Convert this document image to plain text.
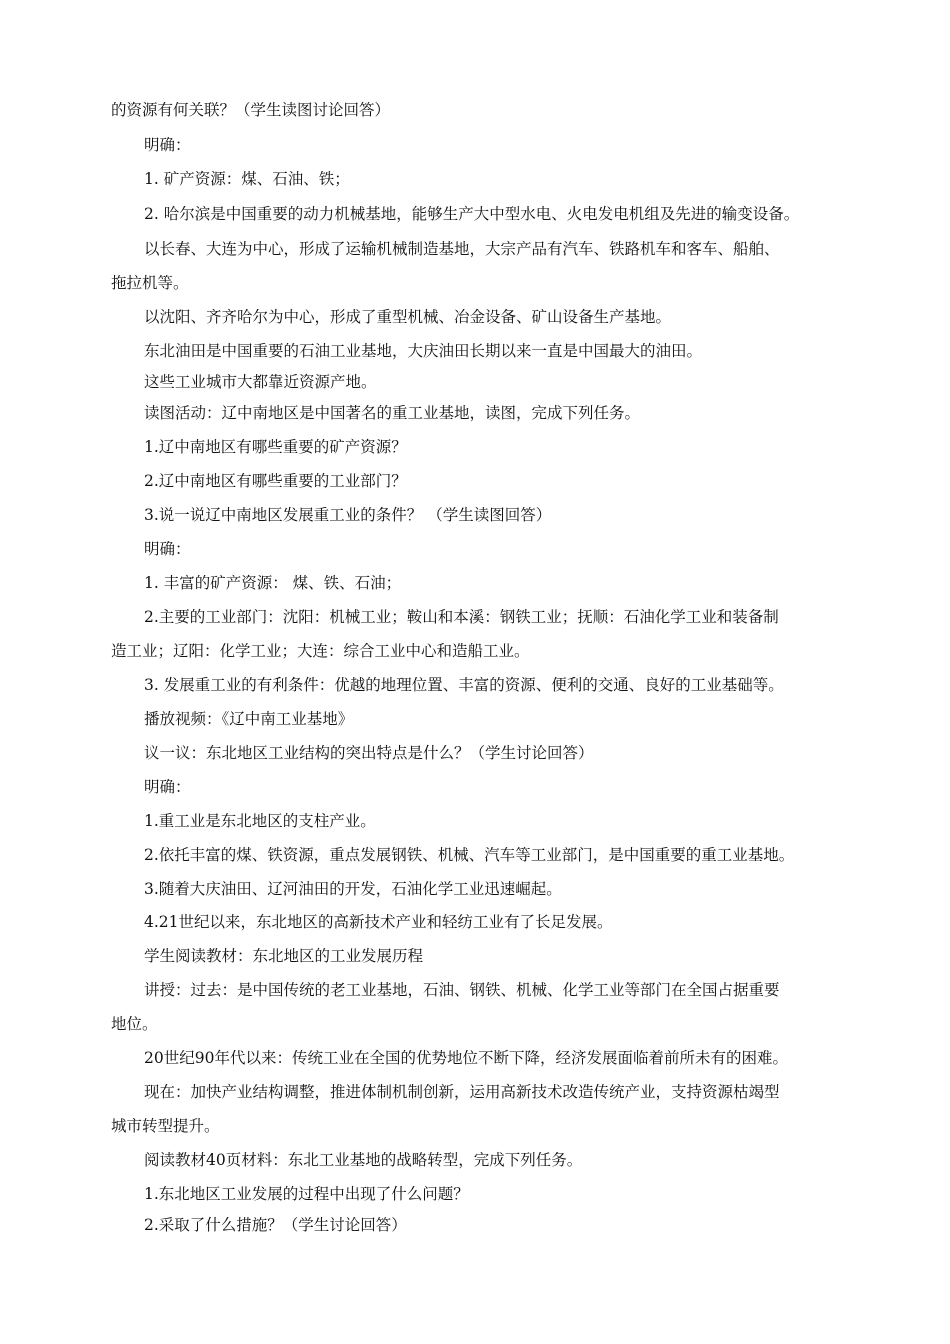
的资源有何关联？（学生读图讨论回答）
明确：
1. 矿产资源：煤、石油、铁；
2. 哈尔滨是中国重要的动力机械基地，能够生产大中型水电、火电发电机组及先进的输变设备。
以长春、大连为中心，形成了运输机械制造基地，大宗产品有汽车、铁路机车和客车、船舶、
拖拉机等。
以沈阳、齐齐哈尔为中心，形成了重型机械、冶金设备、矿山设备生产基地。
东北油田是中国重要的石油工业基地，大庆油田长期以来一直是中国最大的油田。
这些工业城市大都靠近资源产地。
读图活动：辽中南地区是中国著名的重工业基地，读图，完成下列任务。
1.辽中南地区有哪些重要的矿产资源？
2.辽中南地区有哪些重要的工业部门？
3.说一说辽中南地区发展重工业的条件？ （学生读图回答）
明确：
1. 丰富的矿产资源： 煤、铁、石油；
2.主要的工业部门：沈阳：机械工业；鞍山和本溪：钢铁工业；抚顺：石油化学工业和装备制
造工业；辽阳：化学工业；大连：综合工业中心和造船工业。
3. 发展重工业的有利条件：优越的地理位置、丰富的资源、便利的交通、良好的工业基础等。
播放视频：《辽中南工业基地》
议一议：东北地区工业结构的突出特点是什么？（学生讨论回答）
明确：
1.重工业是东北地区的支柱产业。
2.依托丰富的煤、铁资源，重点发展钢铁、机械、汽车等工业部门，是中国重要的重工业基地。
3.随着大庆油田、辽河油田的开发，石油化学工业迅速崛起。
4.21世纪以来，东北地区的高新技术产业和轻纺工业有了长足发展。
学生阅读教材：东北地区的工业发展历程
讲授：过去：是中国传统的老工业基地，石油、钢铁、机械、化学工业等部门在全国占据重要
地位。
20世纪90年代以来：传统工业在全国的优势地位不断下降，经济发展面临着前所未有的困难。
现在：加快产业结构调整，推进体制机制创新，运用高新技术改造传统产业，支持资源枯竭型
城市转型提升。
阅读教材40页材料：东北工业基地的战略转型，完成下列任务。
1.东北地区工业发展的过程中出现了什么问题？
2.采取了什么措施？（学生讨论回答）
